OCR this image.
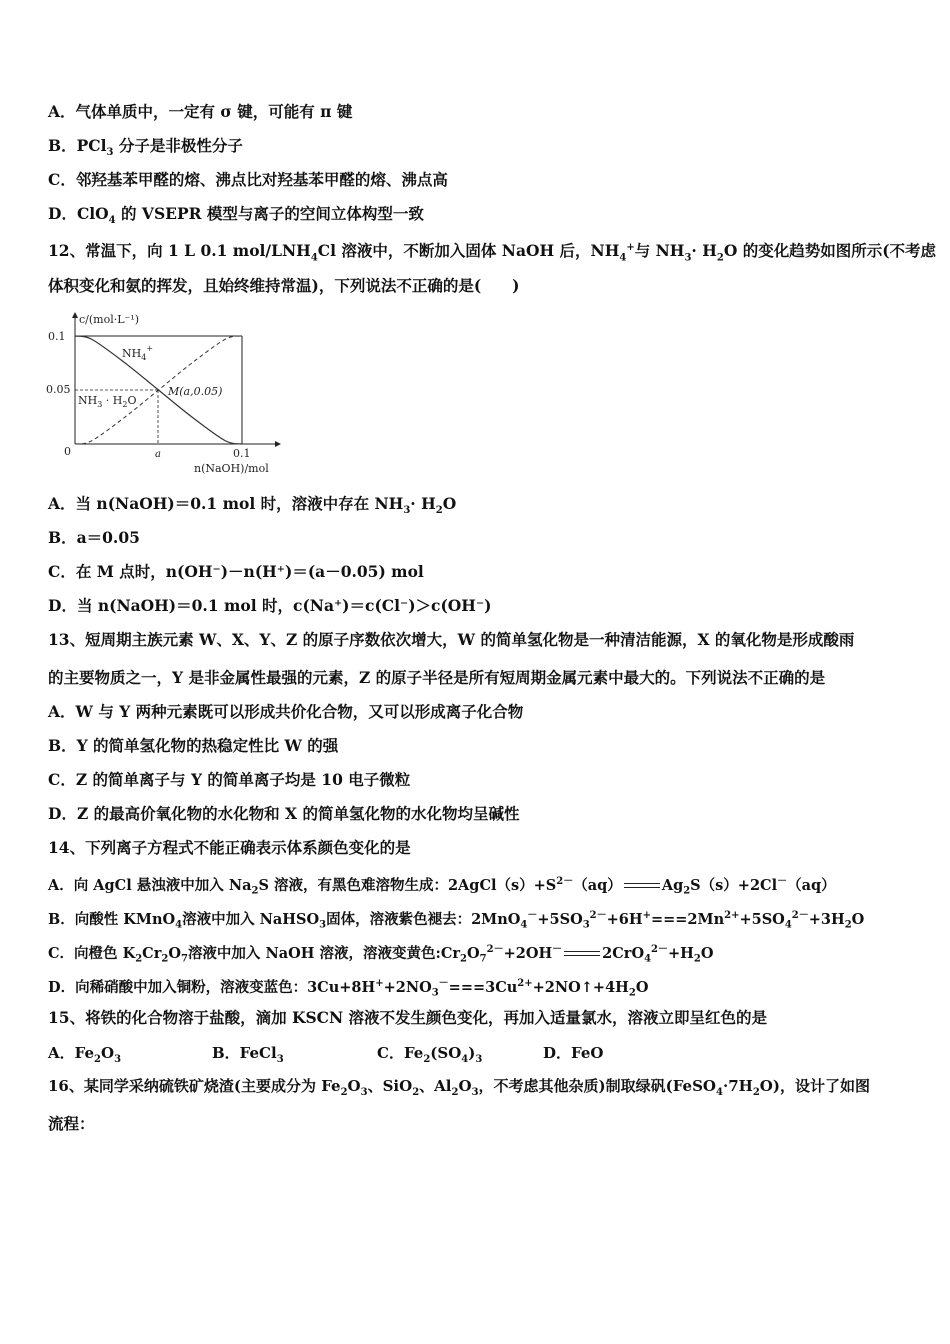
A．气体单质中，一定有 σ 键，可能有 π 键
B．PCl$_3$ 分子是非极性分子
C．邻羟基苯甲醛的熔、沸点比对羟基苯甲醛的熔、沸点高
D．ClO$_4$ 的 VSEPR 模型与离子的空间立体构型一致
12、常温下，向 1 L 0.1 mol/$LNH_4Cl$ 溶液中，不断加入固体 NaOH 后，$NH_4^+$与 $NH_3\cdot H_2O$ 的变化趋势如图所示(不考虑
体积变化和氨的挥发，且始终维持常温)，下列说法不正确的是(　　)
0.1
0.05
0	a	0.1
c/(mol·L⁻¹)
n(NaOH)/mol
$NH_4^+$
$NH_3 \cdot H_2O$
M(a,0.05)
A．当 n(NaOH)＝0.1 mol 时，溶液中存在 $NH_3\cdot H_2O$
B．a＝0.05
C．在 M 点时，n(OH⁻)－n(H⁺)＝(a－0.05) mol
D．当 n(NaOH)＝0.1 mol 时，c(Na⁺)＝c(Cl⁻)＞c(OH⁻)
13、短周期主族元素 W、X、Y、Z 的原子序数依次增大，W 的简单氢化物是一种清洁能源，X 的氧化物是形成酸雨
的主要物质之一，Y 是非金属性最强的元素，Z 的原子半径是所有短周期金属元素中最大的。下列说法不正确的是
A．W 与 Y 两种元素既可以形成共价化合物，又可以形成离子化合物
B．Y 的简单氢化物的热稳定性比 W 的强
C．Z 的简单离子与 Y 的简单离子均是 10 电子微粒
D．Z 的最高价氧化物的水化物和 X 的简单氢化物的水化物均呈碱性
14、下列离子方程式不能正确表示体系颜色变化的是
A．向 AgCl 悬浊液中加入 $Na_2S$ 溶液，有黑色难溶物生成：$2AgCl(s)+S^{2-}(aq)$	$Ag_2S(s)+2Cl^-(aq)$
B．向酸性 KMnO$_4$溶液中加入 NaHSO$_3$固体，溶液紫色褪去：$2MnO_4^-+5SO_3^{2-}+6H^+===2Mn^{2+}+5SO_4^{2-}+3H_2O$
C．向橙色 $K_2Cr_2O_7$溶液中加入 NaOH 溶液，溶液变黄色$:Cr_2O_7^{2-}+2OH^-$	$2CrO_4^{2-}+H_2O$
D．向稀硝酸中加入铜粉，溶液变蓝色：$3Cu+8H^++2NO_3^-===3Cu^{2+}+2NO↑+4H_2O$
15、将铁的化合物溶于盐酸，滴加 KSCN 溶液不发生颜色变化，再加入适量氯水，溶液立即呈红色的是
A．$Fe_2O_3$	B．FeCl$_3$	C．$Fe_2(SO_4)_3$	D．FeO
16、某同学采纳硫铁矿烧渣(主要成分为 $Fe_2O_3$、SiO$_2$、$Al_2O_3$，不考虑其他杂质)制取绿矾$(FeSO_4\cdot 7H_2O)$，设计了如图
流程：
